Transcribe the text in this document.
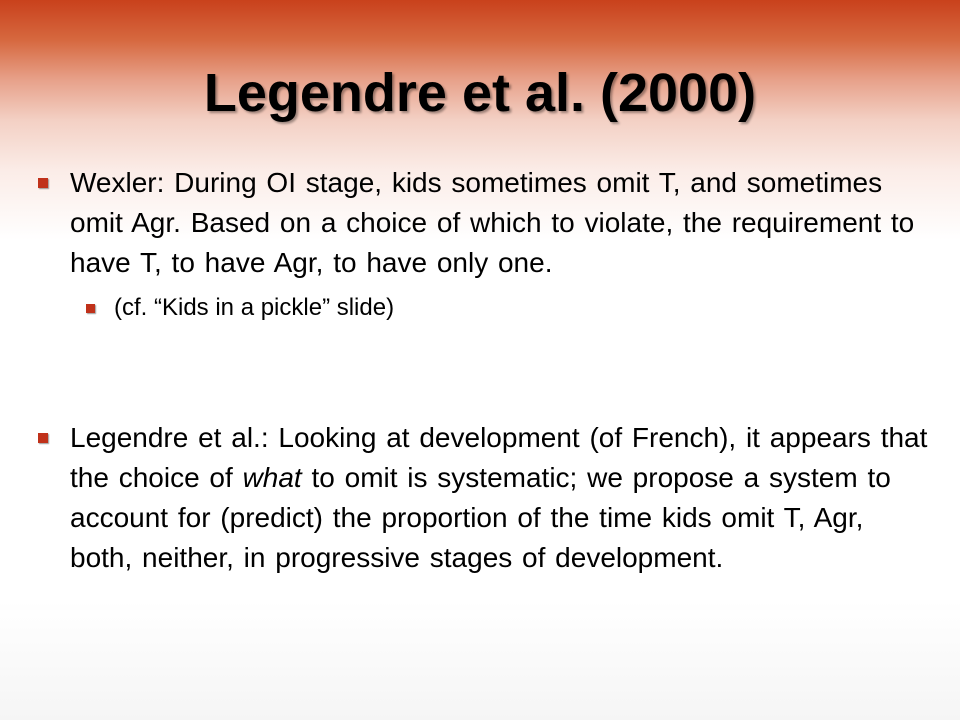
Legendre et al. (2000)
Wexler: During OI stage, kids sometimes omit T, and sometimes omit Agr. Based on a choice of which to violate, the requirement to have T, to have Agr, to have only one.
(cf. “Kids in a pickle” slide)
Legendre et al.: Looking at development (of French), it appears that the choice of what to omit is systematic; we propose a system to account for (predict) the proportion of the time kids omit T, Agr, both, neither, in progressive stages of development.
